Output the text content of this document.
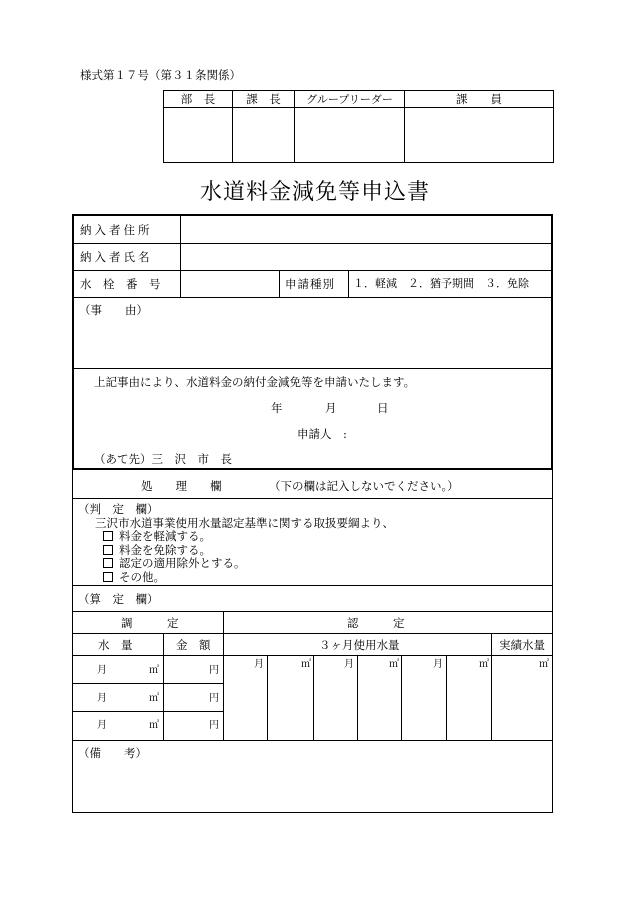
様式第１７号（第３１条関係）
部　長	課　長	グループリーダー	課　　員

水道料金減免等申込書
納入者住所
納入者氏名
水　栓　番　号	申請種別 １．軽減　２．猶予期間　３．免除
（事　　由）
上記事由により、水道料金の納付金減免等を申請いたします。
年	月	日
申請人　:
（あて先）三　沢　市　長
処　　理　　欄	（下の欄は記入しないでください。）
（判　定　欄）
三沢市水道事業使用水量認定基準に関する取扱要綱より、
料金を軽減する。
料金を免除する。
認定の適用除外とする。
その他。
（算　定　欄）
調　　　定	認　　　定
水　量	金　額	３ヶ月使用水量	実績水量
月	㎥	円
月	㎥	円
月	㎥	円
月	㎥	月	㎥	月	㎥	㎥
（備　　考）
